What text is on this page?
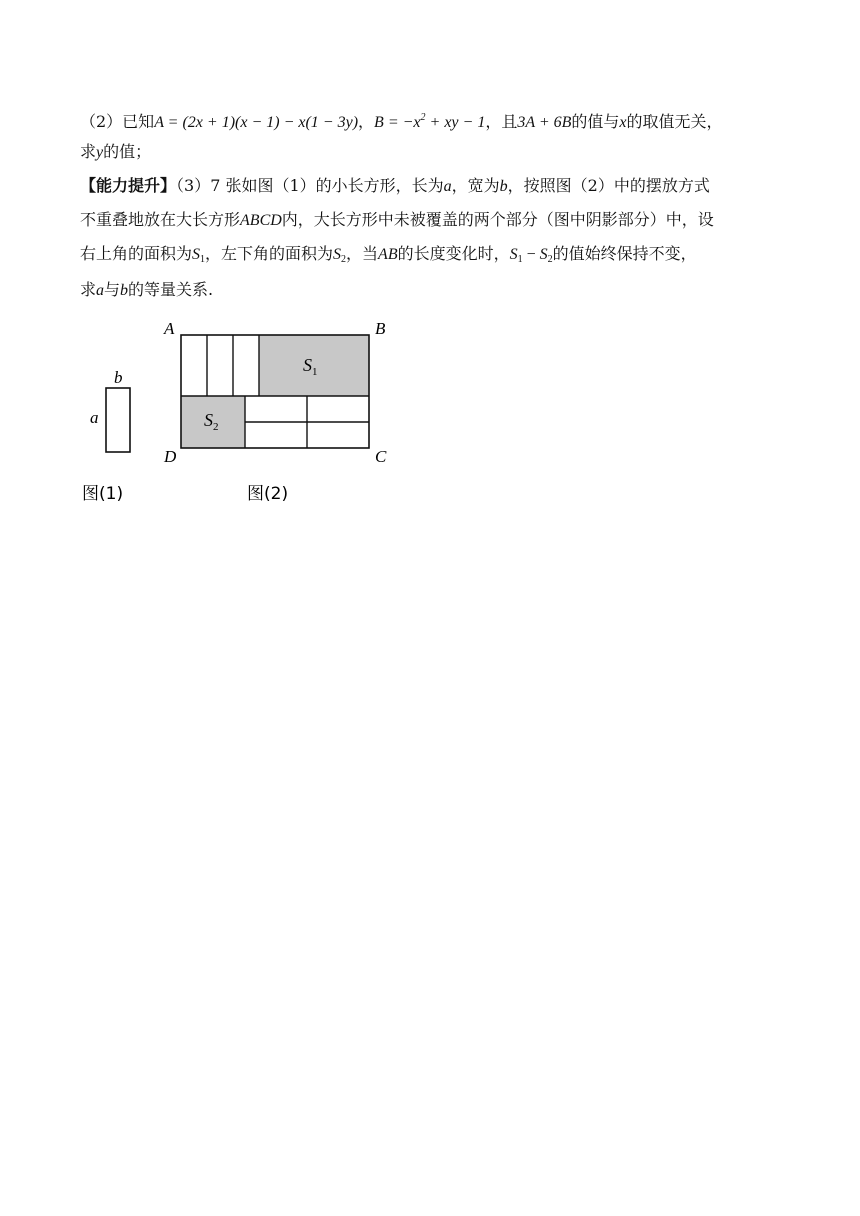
（2）已知A = (2x + 1)(x − 1) − x(1 − 3y)，$B = -x^2$ + xy − 1，且3A + 6B的值与x的取值无关，
求y的值；
【能力提升】（3）7 张如图（1）的小长方形，长为a，宽为b，按照图（2）中的摆放方式
不重叠地放在大长方形ABCD内，大长方形中未被覆盖的两个部分（图中阴影部分）中，设
右上角的面积为$S_1$，左下角的面积为$S_2$，当AB的长度变化时，$S_1 - S_2$的值始终保持不变，
求a与b的等量关系.
b
a
图(1)
$S_1$
$S_2$
A	B
C
D
图(2)
